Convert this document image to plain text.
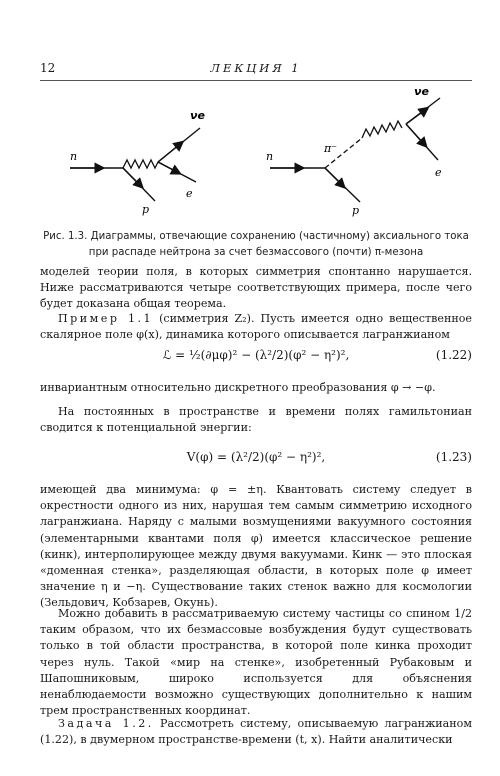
12	ЛЕКЦИЯ 1
n
p
e
νe
n
p
e
νe
π⁻
Рис. 1.3. Диаграммы, отвечающие сохранению (частичному) аксиального тока
при распаде нейтрона за счет безмассового (почти) π-мезона
моделей теории поля, в которых симметрия спонтанно нарушается. Ниже рассматриваются четыре соответствующих примера, после чего будет доказана общая теорема.
Пример 1.1 (симметрия Z₂). Пусть имеется одно вещественное скалярное поле φ(x), динамика которого описывается лагранжианом
ℒ = ½(∂μφ)² − (λ²/2)(φ² − η²)²,	(1.22)
инвариантным относительно дискретного преобразования φ → −φ.
На постоянных в пространстве и времени полях гамильтониан сводится к потенциальной энергии:
V(φ) = (λ²/2)(φ² − η²)²,	(1.23)
имеющей два минимума: φ = ±η. Квантовать систему следует в окрестности одного из них, нарушая тем самым симметрию исходного лагранжиана. Наряду с малыми возмущениями вакуумного состояния (элементарными квантами поля φ) имеется классическое решение (кинк), интерполирующее между двумя вакуумами. Кинк — это плоская «доменная стенка», разделяющая области, в которых поле φ имеет значение η и −η. Существование таких стенок важно для космологии (Зельдович, Кобзарев, Окунь).
Можно добавить в рассматриваемую систему частицы со спином 1/2 таким образом, что их безмассовые возбуждения будут существовать только в той области пространства, в которой поле кинка проходит через нуль. Такой «мир на стенке», изобретенный Рубаковым и Шапошниковым, широко используется для объяснения ненаблюдаемости возможно существующих дополнительно к нашим трем пространственных координат.
Задача 1.2. Рассмотреть систему, описываемую лагранжианом (1.22), в двумерном пространстве-времени (t, x). Найти аналитически
